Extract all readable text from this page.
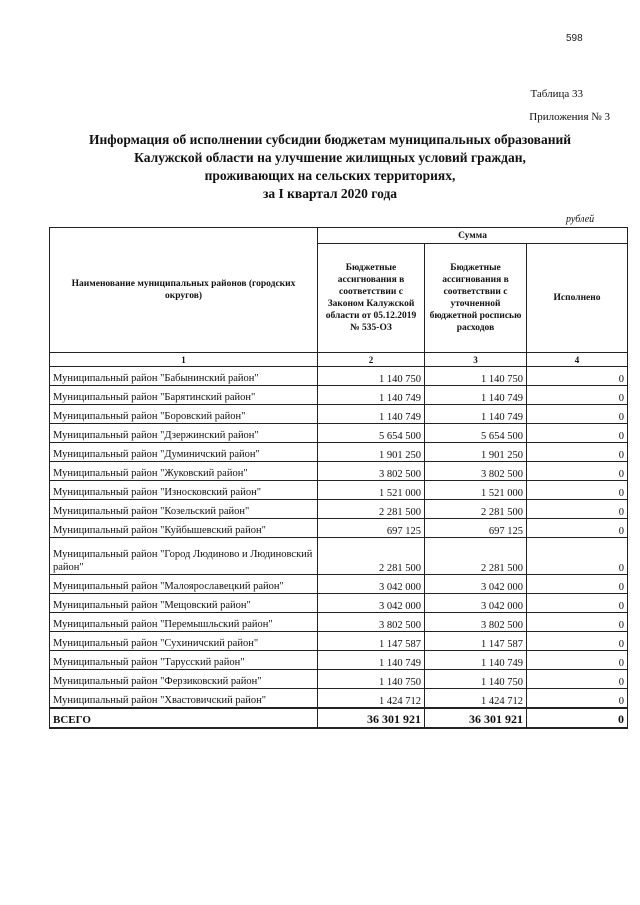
598
Таблица 33
Приложения № 3
Информация об исполнении субсидии бюджетам муниципальных образований
Калужской области на улучшение жилищных условий граждан,
проживающих на сельских территориях,
за I квартал 2020 года
рублей
Наименование муниципальных районов (городских округов)	Сумма		
	Бюджетные ассигнования в соответствии с Законом Калужской области от 05.12.2019 № 535-ОЗ	Бюджетные ассигнования в соответствии с уточненной бюджетной росписью расходов	Исполнено
1	2	3	4
Муниципальный район "Бабынинский район"	1 140 750	1 140 750	0
Муниципальный район "Барятинский район"	1 140 749	1 140 749	0
Муниципальный район "Боровский район"	1 140 749	1 140 749	0
Муниципальный район "Дзержинский район"	5 654 500	5 654 500	0
Муниципальный район "Думиничский район"	1 901 250	1 901 250	0
Муниципальный район "Жуковский район"	3 802 500	3 802 500	0
Муниципальный район "Износковский район"	1 521 000	1 521 000	0
Муниципальный район "Козельский район"	2 281 500	2 281 500	0
Муниципальный район "Куйбышевский район"	697 125	697 125	0
Муниципальный район "Город Людиново и Людиновский район"	2 281 500	2 281 500	0
Муниципальный район "Малоярославецкий район"	3 042 000	3 042 000	0
Муниципальный район "Мещовский район"	3 042 000	3 042 000	0
Муниципальный район "Перемышльский район"	3 802 500	3 802 500	0
Муниципальный район "Сухиничский район"	1 147 587	1 147 587	0
Муниципальный район "Тарусский район"	1 140 749	1 140 749	0
Муниципальный район "Ферзиковский район"	1 140 750	1 140 750	0
Муниципальный район "Хвастовичский район"	1 424 712	1 424 712	0
ВСЕГО	36 301 921	36 301 921	0
